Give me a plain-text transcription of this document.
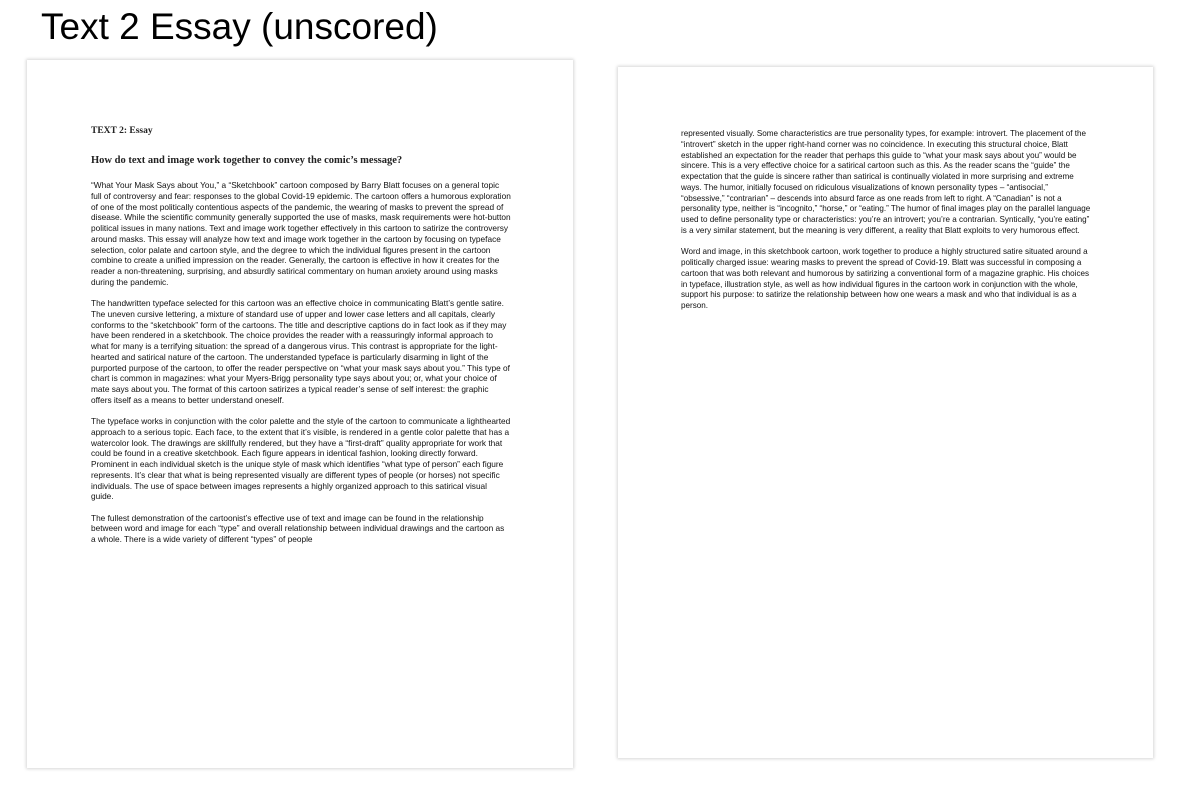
Text 2 Essay (unscored)
TEXT 2: Essay
How do text and image work together to convey the comic’s message?

“What Your Mask Says about You,” a “Sketchbook” cartoon composed by Barry Blatt focuses on a general topic full of controversy and fear: responses to the global Covid-19 epidemic. The cartoon offers a humorous exploration of one of the most politically contentious aspects of the pandemic, the wearing of masks to prevent the spread of disease. While the scientific community generally supported the use of masks, mask requirements were hot-button political issues in many nations. Text and image work together effectively in this cartoon to satirize the controversy around masks. This essay will analyze how text and image work together in the cartoon by focusing on typeface selection, color palate and cartoon style, and the degree to which the individual figures present in the cartoon combine to create a unified impression on the reader. Generally, the cartoon is effective in how it creates for the reader a non-threatening, surprising, and absurdly satirical commentary on human anxiety around using masks during the pandemic.

The handwritten typeface selected for this cartoon was an effective choice in communicating Blatt’s gentle satire. The uneven cursive lettering, a mixture of standard use of upper and lower case letters and all capitals, clearly conforms to the “sketchbook” form of the cartoons. The title and descriptive captions do in fact look as if they may have been rendered in a sketchbook. The choice provides the reader with a reassuringly informal approach to what for many is a terrifying situation: the spread of a dangerous virus. This contrast is appropriate for the light-hearted and satirical nature of the cartoon. The understanded typeface is particularly disarming in light of the purported purpose of the cartoon, to offer the reader perspective on “what your mask says about you.” This type of chart is common in magazines: what your Myers-Brigg personality type says about you; or, what your choice of mate says about you. The format of this cartoon satirizes a typical reader’s sense of self interest: the graphic offers itself as a means to better understand oneself.

The typeface works in conjunction with the color palette and the style of the cartoon to communicate a lighthearted approach to a serious topic. Each face, to the extent that it’s visible, is rendered in a gentle color palette that has a watercolor look. The drawings are skillfully rendered, but they have a “first-draft” quality appropriate for work that could be found in a creative sketchbook. Each figure appears in identical fashion, looking directly forward. Prominent in each individual sketch is the unique style of mask which identifies “what type of person” each figure represents. It’s clear that what is being represented visually are different types of people (or horses) not specific individuals. The use of space between images represents a highly organized approach to this satirical visual guide.

The fullest demonstration of the cartoonist’s effective use of text and image can be found in the relationship between word and image for each “type” and overall relationship between individual drawings and the cartoon as a whole. There is a wide variety of different “types” of people

represented visually. Some characteristics are true personality types, for example: introvert. The placement of the “introvert” sketch in the upper right-hand corner was no coincidence. In executing this structural choice, Blatt established an expectation for the reader that perhaps this guide to “what your mask says about you” would be sincere. This is a very effective choice for a satirical cartoon such as this. As the reader scans the “guide” the expectation that the guide is sincere rather than satirical is continually violated in more surprising and extreme ways. The humor, initially focused on ridiculous visualizations of known personality types – “antisocial,” “obsessive,” “contrarian” – descends into absurd farce as one reads from left to right. A “Canadian” is not a personality type, neither is “incognito,” “horse,” or “eating.” The humor of final images play on the parallel language used to define personality type or characteristics: you’re an introvert; you’re a contrarian. Syntically, “you’re eating” is a very similar statement, but the meaning is very different, a reality that Blatt exploits to very humorous effect.

Word and image, in this sketchbook cartoon, work together to produce a highly structured satire situated around a politically charged issue: wearing masks to prevent the spread of Covid-19. Blatt was successful in composing a cartoon that was both relevant and humorous by satirizing a conventional form of a magazine graphic. His choices in typeface, illustration style, as well as how individual figures in the cartoon work in conjunction with the whole, support his purpose: to satirize the relationship between how one wears a mask and who that individual is as a person.
